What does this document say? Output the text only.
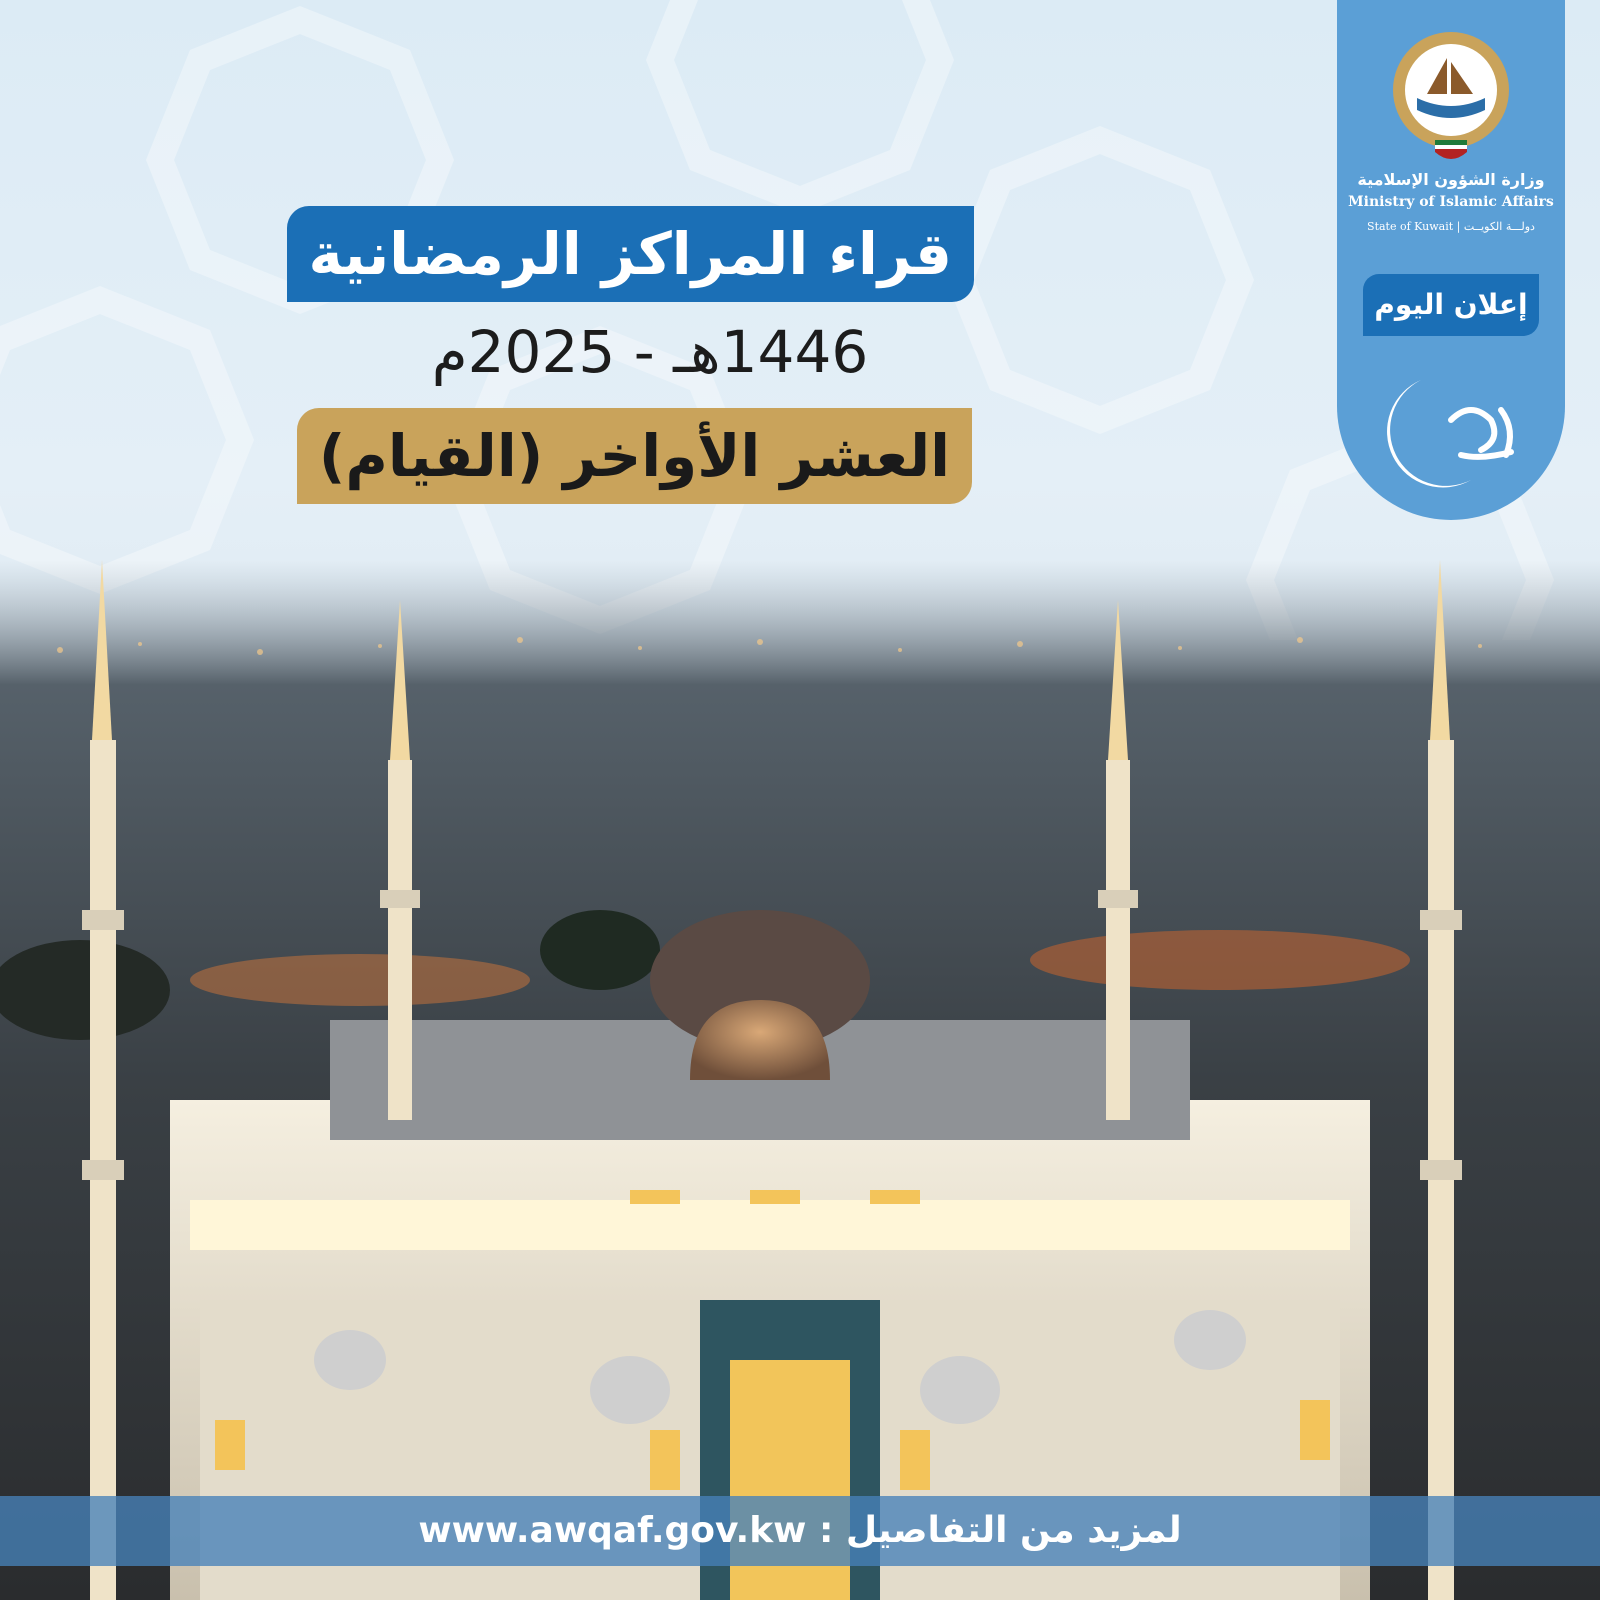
قراء المراكز الرمضانية
1446هـ - 2025م
العشر الأواخر (القيام)
وزارة الشؤون الإسلامية
Ministry of Islamic Affairs
State of Kuwait | دولـــة الكويــت
إعلان اليوم
لمزيد من التفاصيل : www.awqaf.gov.kw
